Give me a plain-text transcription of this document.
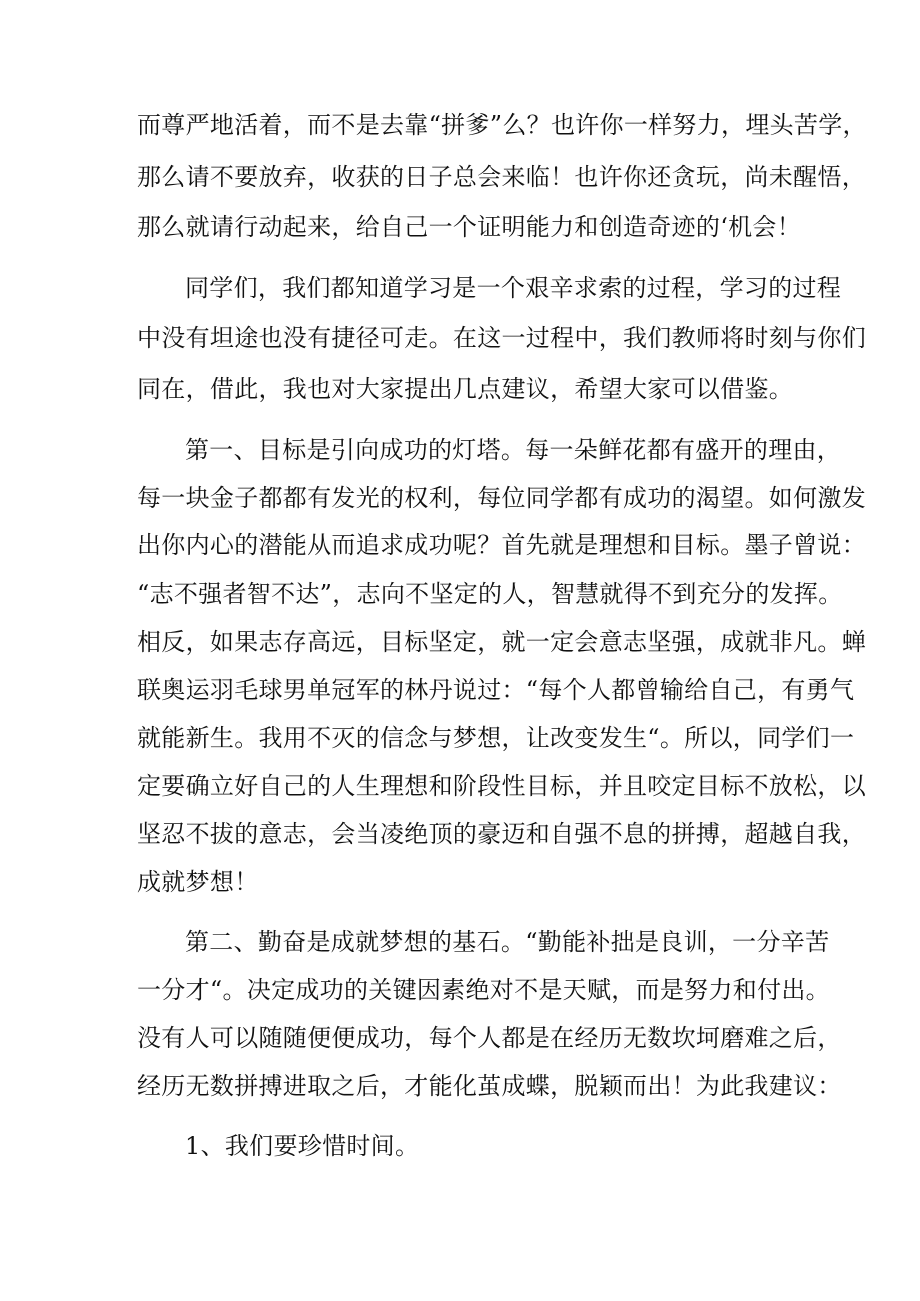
而尊严地活着，而不是去靠“拼爹”么？也许你一样努力，埋头苦学，
那么请不要放弃，收获的日子总会来临！也许你还贪玩，尚未醒悟，
那么就请行动起来，给自己一个证明能力和创造奇迹的‘机会！
同学们，我们都知道学习是一个艰辛求索的过程，学习的过程
中没有坦途也没有捷径可走。在这一过程中，我们教师将时刻与你们
同在，借此，我也对大家提出几点建议，希望大家可以借鉴。
第一、目标是引向成功的灯塔。每一朵鲜花都有盛开的理由，
每一块金子都都有发光的权利，每位同学都有成功的渴望。如何激发
出你内心的潜能从而追求成功呢？首先就是理想和目标。墨子曾说：
“志不强者智不达”，志向不坚定的人，智慧就得不到充分的发挥。
相反，如果志存高远，目标坚定，就一定会意志坚强，成就非凡。蝉
联奥运羽毛球男单冠军的林丹说过：“每个人都曾输给自己，有勇气
就能新生。我用不灭的信念与梦想，让改变发生“。所以，同学们一
定要确立好自己的人生理想和阶段性目标，并且咬定目标不放松，以
坚忍不拔的意志，会当凌绝顶的豪迈和自强不息的拼搏，超越自我，
成就梦想！
第二、勤奋是成就梦想的基石。“勤能补拙是良训，一分辛苦
一分才“。决定成功的关键因素绝对不是天赋，而是努力和付出。
没有人可以随随便便成功，每个人都是在经历无数坎坷磨难之后，
经历无数拼搏进取之后，才能化茧成蝶，脱颖而出！为此我建议：
1、我们要珍惜时间。
